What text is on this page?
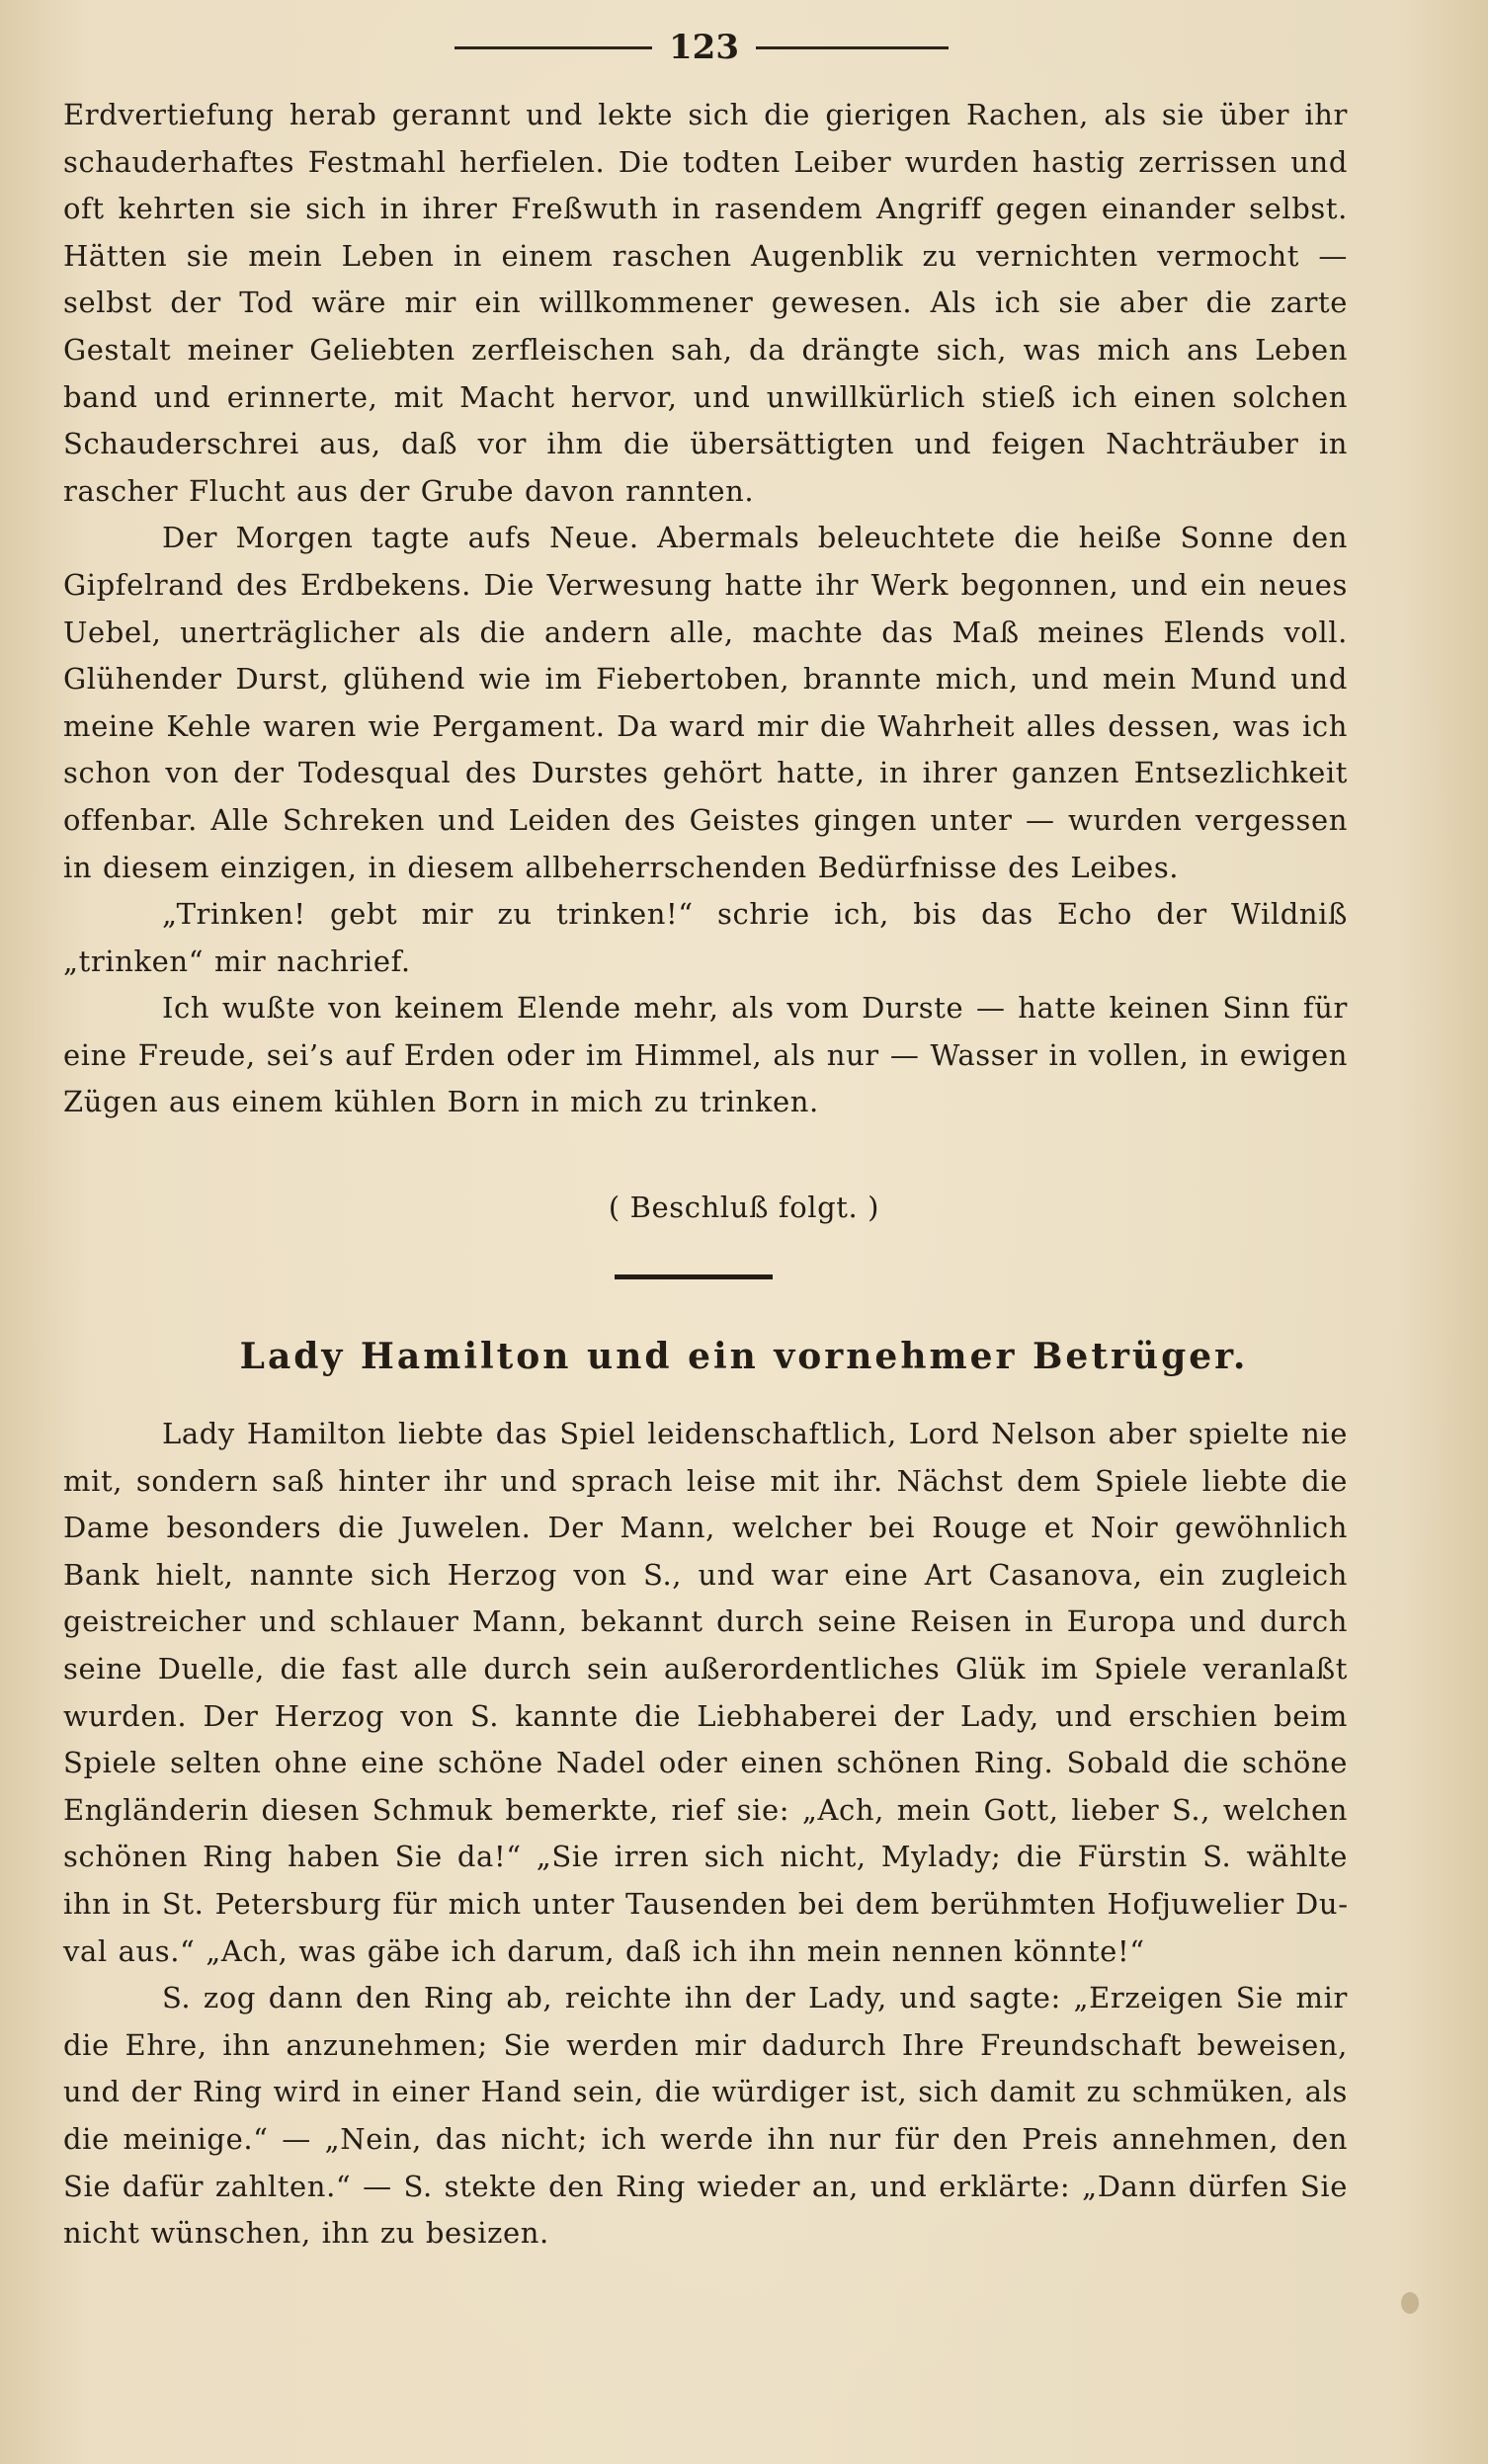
123

Erdvertiefung herab gerannt und lekte sich die gierigen Rachen, als sie über ihr schauderhaftes Festmahl herfielen. Die todten Leiber wurden hastig zerrissen und oft kehrten sie sich in ihrer Freßwuth in rasendem Angriff gegen einander selbst. Hätten sie mein Leben in einem raschen Augenblik zu vernichten vermocht — selbst der Tod wäre mir ein willkommener gewesen. Als ich sie aber die zarte Gestalt meiner Geliebten zerfleischen sah, da drängte sich, was mich ans Leben band und erinnerte, mit Macht hervor, und unwillkürlich stieß ich einen solchen Schauderschrei aus, daß vor ihm die übersättigten und feigen Nachträuber in rascher Flucht aus der Grube davon rannten.

Der Morgen tagte aufs Neue. Abermals beleuchtete die heiße Sonne den Gipfelrand des Erdbekens. Die Verwesung hatte ihr Werk begonnen, und ein neues Uebel, unerträglicher als die andern alle, machte das Maß meines Elends voll. Glühender Durst, glühend wie im Fiebertoben, brannte mich, und mein Mund und meine Kehle waren wie Pergament. Da ward mir die Wahrheit alles dessen, was ich schon von der Todesqual des Durstes gehört hatte, in ihrer ganzen Entsezlichkeit offenbar. Alle Schreken und Leiden des Geistes gingen unter — wurden vergessen in diesem einzigen, in diesem allbeherrschenden Bedürfnisse des Leibes.

„Trinken! gebt mir zu trinken!“ schrie ich, bis das Echo der Wildniß „trinken“ mir nachrief.

Ich wußte von keinem Elende mehr, als vom Durste — hatte keinen Sinn für eine Freude, sei’s auf Erden oder im Himmel, als nur — Wasser in vollen, in ewigen Zügen aus einem kühlen Born in mich zu trinken.

( Beschluß folgt. )
Lady Hamilton und ein vornehmer Betrüger.

Lady Hamilton liebte das Spiel leidenschaftlich, Lord Nelson aber spielte nie mit, sondern saß hinter ihr und sprach leise mit ihr. Nächst dem Spiele liebte die Dame besonders die Juwelen. Der Mann, welcher bei Rouge et Noir gewöhnlich Bank hielt, nannte sich Herzog von S., und war eine Art Casanova, ein zugleich geistreicher und schlauer Mann, bekannt durch seine Reisen in Europa und durch seine Duelle, die fast alle durch sein außerordentliches Glük im Spiele veranlaßt wurden. Der Herzog von S. kannte die Liebhaberei der Lady, und erschien beim Spiele selten ohne eine schöne Nadel oder einen schönen Ring. Sobald die schöne Engländerin diesen Schmuk bemerkte, rief sie: „Ach, mein Gott, lieber S., welchen schönen Ring haben Sie da!“ „Sie irren sich nicht, Mylady; die Fürstin S. wählte ihn in St. Petersburg für mich unter Tausenden bei dem berühmten Hofjuwelier Duval aus.“ „Ach, was gäbe ich darum, daß ich ihn mein nennen könnte!“

S. zog dann den Ring ab, reichte ihn der Lady, und sagte: „Erzeigen Sie mir die Ehre, ihn anzunehmen; Sie werden mir dadurch Ihre Freundschaft beweisen, und der Ring wird in einer Hand sein, die würdiger ist, sich damit zu schmüken, als die meinige.“ — „Nein, das nicht; ich werde ihn nur für den Preis annehmen, den Sie dafür zahlten.“ — S. stekte den Ring wieder an, und erklärte: „Dann dürfen Sie nicht wünschen, ihn zu besizen.
